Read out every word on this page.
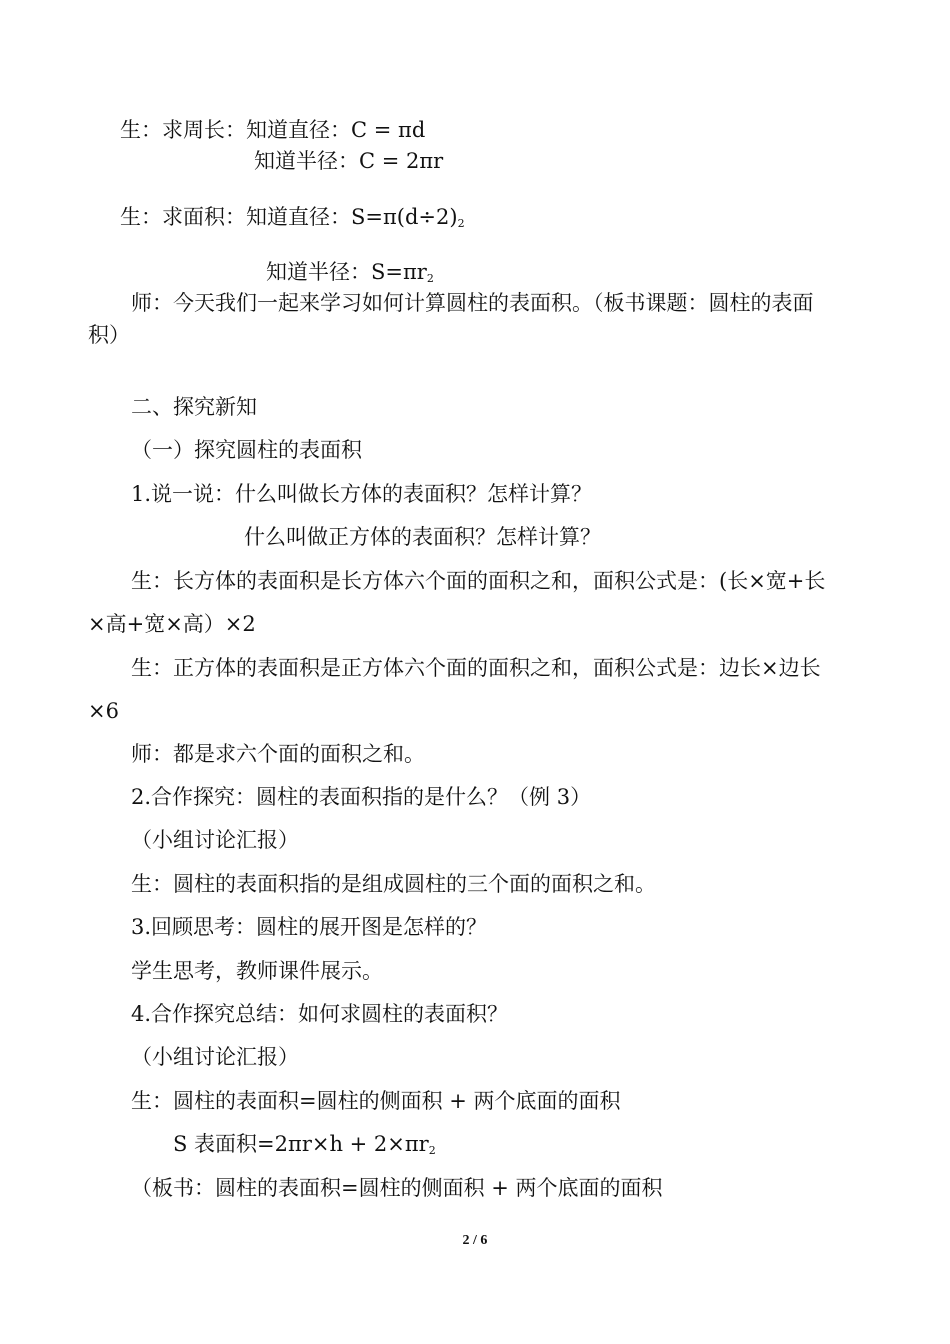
生：求周长：知道直径：C = πd
知道半径：C = 2πr
生：求面积：知道直径：S=π(d÷2)2
知道半径：S=πr2
师：今天我们一起来学习如何计算圆柱的表面积。（板书课题：圆柱的表面
积）
二、探究新知
（一）探究圆柱的表面积
1.说一说：什么叫做长方体的表面积？怎样计算？
什么叫做正方体的表面积？怎样计算？
生：长方体的表面积是长方体六个面的面积之和，面积公式是：(长×宽+长
×高+宽×高）×2
生：正方体的表面积是正方体六个面的面积之和，面积公式是：边长×边长
×6
师：都是求六个面的面积之和。
2.合作探究：圆柱的表面积指的是什么？（例 3）
（小组讨论汇报）
生：圆柱的表面积指的是组成圆柱的三个面的面积之和。
3.回顾思考：圆柱的展开图是怎样的？
学生思考，教师课件展示。
4.合作探究总结：如何求圆柱的表面积？
（小组讨论汇报）
生：圆柱的表面积=圆柱的侧面积 + 两个底面的面积
S 表面积=2πr×h + 2×πr2
（板书：圆柱的表面积=圆柱的侧面积 + 两个底面的面积
2 / 6
